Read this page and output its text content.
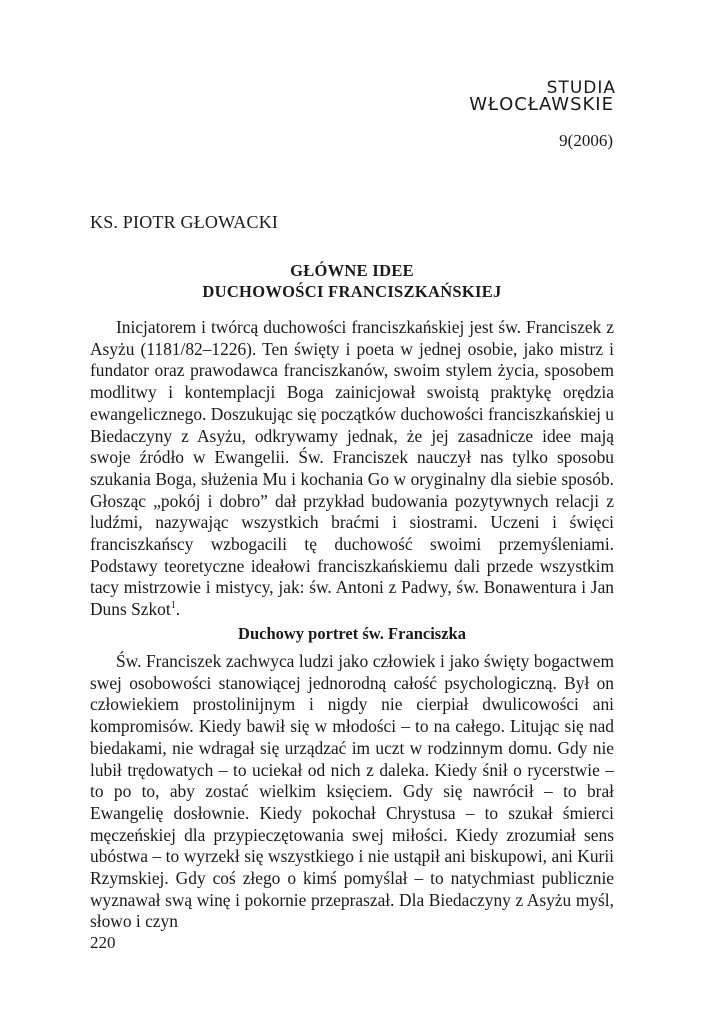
STUDIA
WŁOCŁAWSKIE
9(2006)
KS. PIOTR GŁOWACKI
GŁÓWNE IDEE
DUCHOWOŚCI FRANCISZKAŃSKIEJ

Inicjatorem i twórcą duchowości franciszkańskiej jest św. Franciszek z Asyżu (1181/82–1226). Ten święty i poeta w jednej osobie, jako mistrz i fundator oraz prawodawca franciszkanów, swoim stylem życia, sposobem modlitwy i kontemplacji Boga zainicjował swoistą praktykę orędzia ewangelicznego. Doszukując się początków duchowości franciszkańskiej u Biedaczyny z Asyżu, odkrywamy jednak, że jej zasadnicze idee mają swoje źródło w Ewangelii. Św. Franciszek nauczył nas tylko sposobu szukania Boga, służenia Mu i kochania Go w oryginalny dla siebie sposób. Głosząc „pokój i dobro” dał przykład budowania pozytywnych relacji z ludźmi, nazywając wszystkich braćmi i siostrami. Uczeni i święci franciszkańscy wzbogacili tę duchowość swoimi przemyśleniami. Podstawy teoretyczne ideałowi franciszkańskiemu dali przede wszystkim tacy mistrzowie i mistycy, jak: św. Antoni z Padwy, św. Bonawentura i Jan Duns Szkot$^1$.

Duchowy portret św. Franciszka

Św. Franciszek zachwyca ludzi jako człowiek i jako święty bogactwem swej osobowości stanowiącej jednorodną całość psychologiczną. Był on człowiekiem prostolinijnym i nigdy nie cierpiał dwulicowości ani kompromisów. Kiedy bawił się w młodości – to na całego. Litując się nad biedakami, nie wdragał się urządzać im uczt w rodzinnym domu. Gdy nie lubił trędowatych – to uciekał od nich z daleka. Kiedy śnił o rycerstwie – to po to, aby zostać wielkim księciem. Gdy się nawrócił – to brał Ewangelię dosłownie. Kiedy pokochał Chrystusa – to szukał śmierci męczeńskiej dla przypieczętowania swej miłości. Kiedy zrozumiał sens ubóstwa – to wyrzekł się wszystkiego i nie ustąpił ani biskupowi, ani Kurii Rzymskiej. Gdy coś złego o kimś pomyślał – to natychmiast publicznie wyznawał swą winę i pokornie przepraszał. Dla Biedaczyny z Asyżu myśl, słowo i czyn

220
